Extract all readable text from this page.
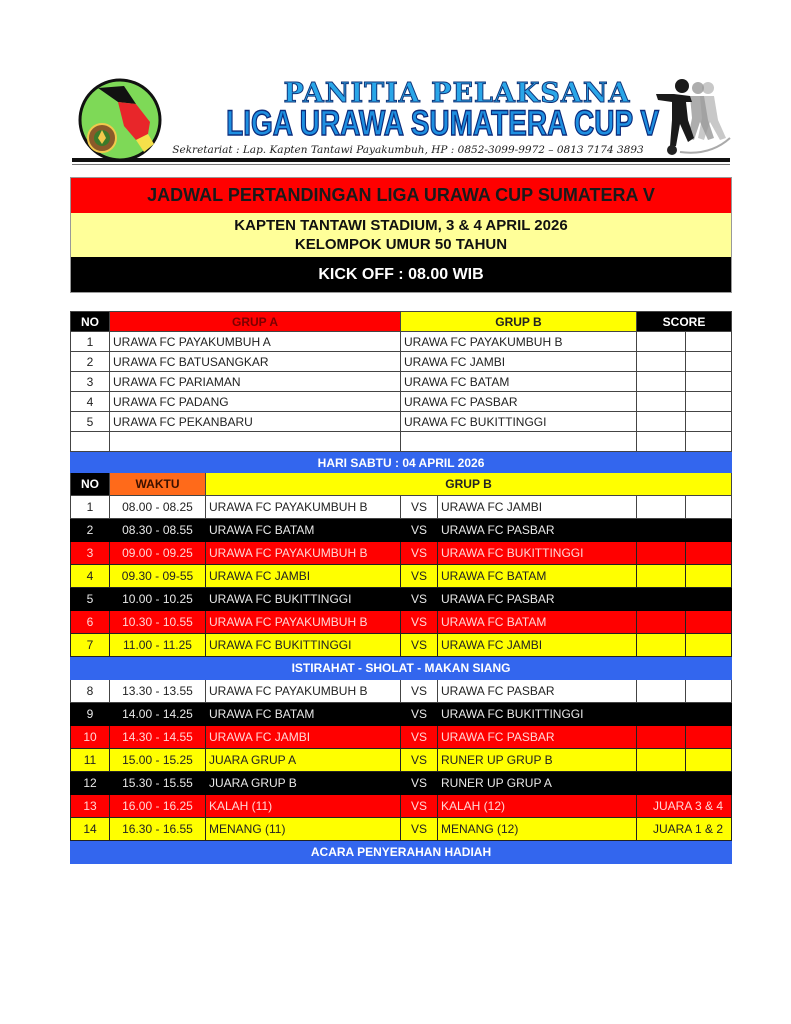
PANITIA PELAKSANA
LIGA URAWA SUMATERA CUP V
Sekretariat : Lap. Kapten Tantawi Payakumbuh, HP : 0852-3099-9972 – 0813 7174 3893
JADWAL PERTANDINGAN LIGA URAWA CUP SUMATERA V
KAPTEN TANTAWI STADIUM, 3 & 4 APRIL 2026
KELOMPOK UMUR 50 TAHUN
KICK OFF : 08.00 WIB
NO	GRUP A	GRUP B	SCORE	
1	URAWA FC PAYAKUMBUH A	URAWA FC PAYAKUMBUH B		
2	URAWA FC BATUSANGKAR	URAWA FC JAMBI		
3	URAWA FC PARIAMAN	URAWA FC BATAM		
4	URAWA FC PADANG	URAWA FC PASBAR		
5	URAWA FC PEKANBARU	URAWA FC BUKITTINGGI		

HARI SABTU : 04 APRIL 2026						
NO	WAKTU	GRUP B				
1	08.00 - 08.25	URAWA FC PAYAKUMBUH B	VS	URAWA FC JAMBI		
2	08.30 - 08.55	URAWA FC BATAM	VS	URAWA FC PASBAR		
3	09.00 - 09.25	URAWA FC PAYAKUMBUH B	VS	URAWA FC BUKITTINGGI		
4	09.30 - 09-55	URAWA FC JAMBI	VS	URAWA FC BATAM		
5	10.00 - 10.25	URAWA FC BUKITTINGGI	VS	URAWA FC PASBAR		
6	10.30 - 10.55	URAWA FC PAYAKUMBUH B	VS	URAWA FC BATAM		
7	11.00 - 11.25	URAWA FC BUKITTINGGI	VS	URAWA FC JAMBI		
ISTIRAHAT - SHOLAT - MAKAN SIANG						
8	13.30 - 13.55	URAWA FC PAYAKUMBUH B	VS	URAWA FC PASBAR		
9	14.00 - 14.25	URAWA FC BATAM	VS	URAWA FC BUKITTINGGI		
10	14.30 - 14.55	URAWA FC JAMBI	VS	URAWA FC PASBAR		
11	15.00 - 15.25	JUARA GRUP A	VS	RUNER UP GRUP B		
12	15.30 - 15.55	JUARA GRUP B	VS	RUNER UP GRUP A		
13	16.00 - 16.25	KALAH (11)	VS	KALAH (12)	JUARA 3 & 4	
14	16.30 - 16.55	MENANG (11)	VS	MENANG (12)	JUARA 1 & 2	
ACARA PENYERAHAN HADIAH						
